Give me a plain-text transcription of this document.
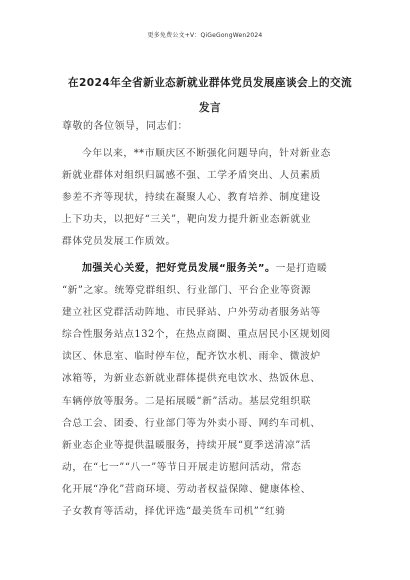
更多免费公文+V：QiGeGongWen2024
在2024年全省新业态新就业群体党员发展座谈会上的交流
发言
尊敬的各位领导，同志们：
今年以来，**市顺庆区不断强化问题导向，针对新业态
新就业群体对组织归属感不强、工学矛盾突出、人员素质
参差不齐等现状，持续在凝聚人心、教育培养、制度建设
上下功夫，以把好“三关”，靶向发力提升新业态新就业
群体党员发展工作质效。
加强关心关爱，把好党员发展“服务关”。一是打造暖
“新”之家。统筹党群组织、行业部门、平台企业等资源
建立社区党群活动阵地、市民驿站、户外劳动者服务站等
综合性服务站点132个，在热点商圈、重点居民小区规划阅
读区、休息室、临时停车位，配齐饮水机、雨伞、微波炉
冰箱等，为新业态新就业群体提供充电饮水、热饭休息、
车辆停放等服务。二是拓展暖“新”活动。基层党组织联
合总工会、团委、行业部门等为外卖小哥、网约车司机、
新业态企业等提供温暖服务，持续开展“夏季送清凉”活
动，在“七一”“八一”等节日开展走访慰问活动，常态
化开展“净化”营商环境、劳动者权益保障、健康体检、
子女教育等活动，择优评选“最美货车司机”“红骑
